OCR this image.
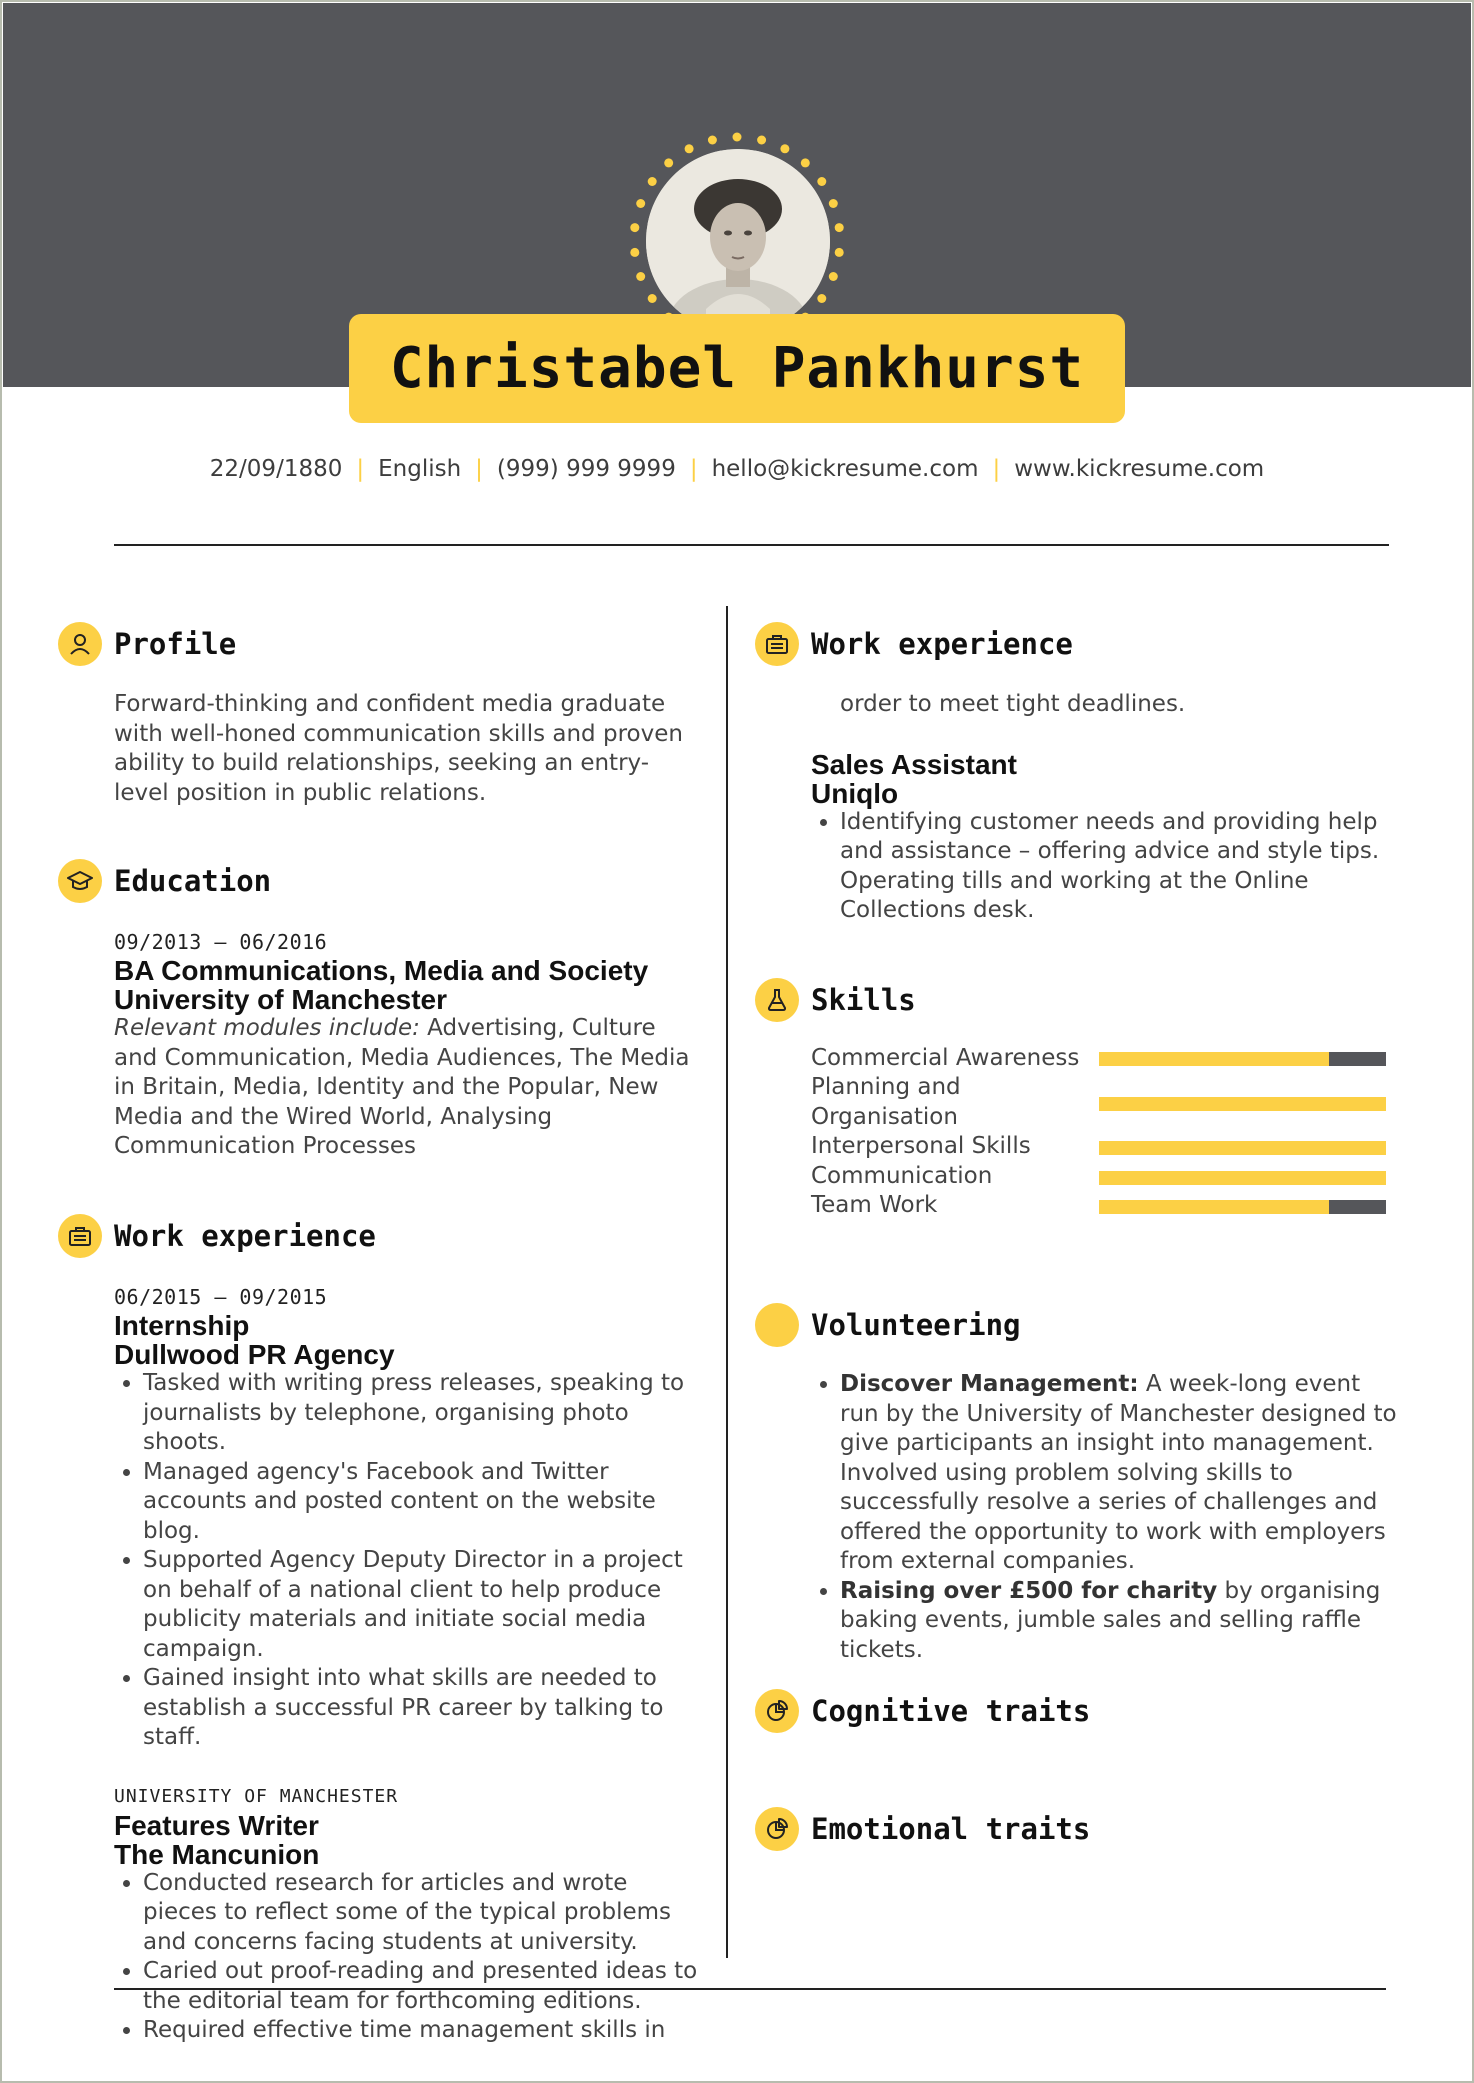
Christabel Pankhurst
22/09/1880 | English | (999) 999 9999 | hello@kickresume.com | www.kickresume.com
Profile

Forward-thinking and confident media graduate with well-honed communication skills and proven ability to build relationships, seeking an entry-level position in public relations.

Education
09/2013 – 06/2016
BA Communications, Media and Society
University of Manchester

Relevant modules include: Advertising, Culture and Communication, Media Audiences, The Media in Britain, Media, Identity and the Popular, New Media and the Wired World, Analysing Communication Processes

Work experience
06/2015 – 09/2015
Internship
Dullwood PR Agency
• Tasked with writing press releases, speaking to journalists by telephone, organising photo shoots.
• Managed agency's Facebook and Twitter accounts and posted content on the website blog.
• Supported Agency Deputy Director in a project on behalf of a national client to help produce publicity materials and initiate social media campaign.
• Gained insight into what skills are needed to establish a successful PR career by talking to staff.
UNIVERSITY OF MANCHESTER
Features Writer
The Mancunion
• Conducted research for articles and wrote pieces to reflect some of the typical problems and concerns facing students at university.
• Caried out proof-reading and presented ideas to the editorial team for forthcoming editions.
• Required effective time management skills in
Work experience

order to meet tight deadlines.

Sales Assistant
Uniqlo
• Identifying customer needs and providing help and assistance – offering advice and style tips. Operating tills and working at the Online Collections desk.
Skills
Commercial Awareness
Planning and Organisation
Interpersonal Skills
Communication
Team Work
Volunteering
• Discover Management: A week-long event run by the University of Manchester designed to give participants an insight into management. Involved using problem solving skills to successfully resolve a series of challenges and offered the opportunity to work with employers from external companies.
• Raising over £500 for charity by organising baking events, jumble sales and selling raffle tickets.
Cognitive traits
Emotional traits
